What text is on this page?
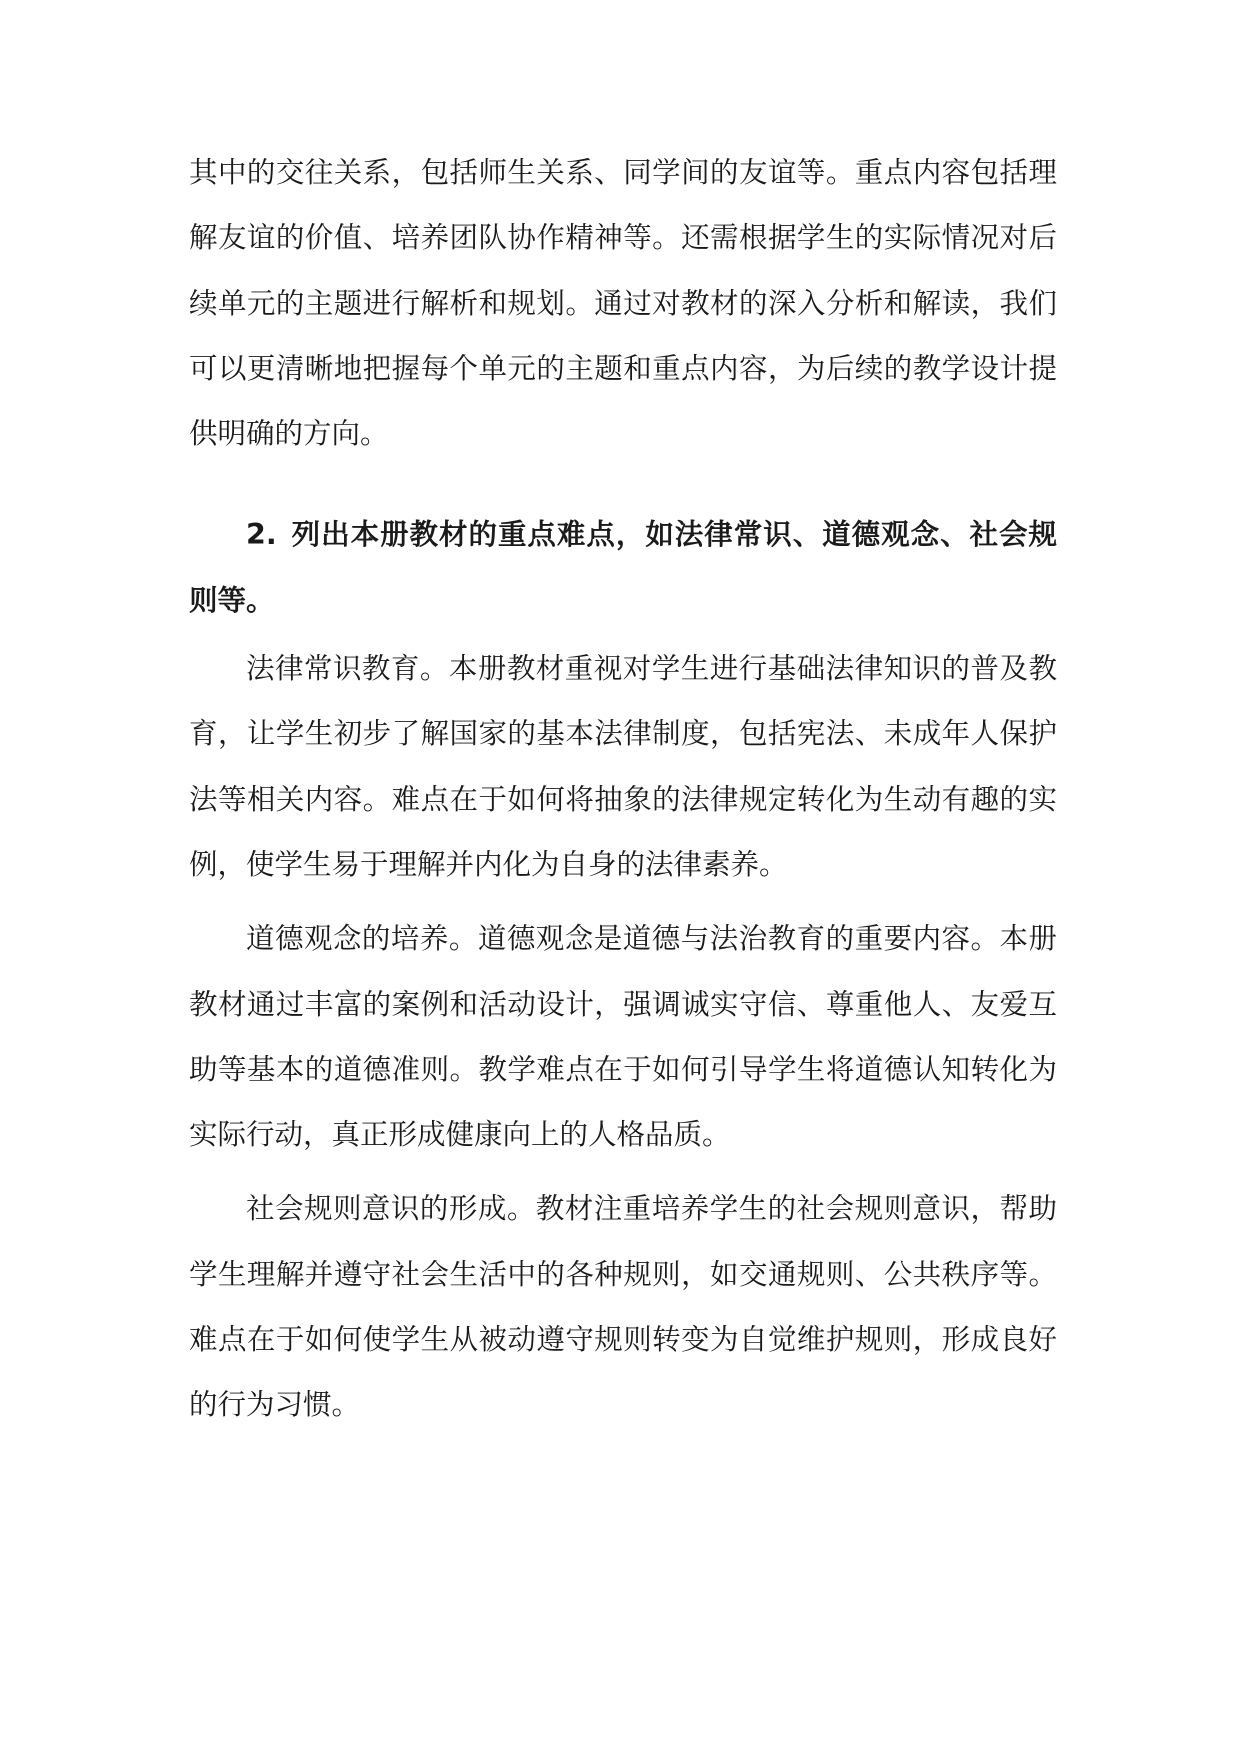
其中的交往关系，包括师生关系、同学间的友谊等。重点内容包括理解友谊的价值、培养团队协作精神等。还需根据学生的实际情况对后续单元的主题进行解析和规划。通过对教材的深入分析和解读，我们可以更清晰地把握每个单元的主题和重点内容，为后续的教学设计提供明确的方向。

2. 列出本册教材的重点难点，如法律常识、道德观念、社会规则等。

法律常识教育。本册教材重视对学生进行基础法律知识的普及教育，让学生初步了解国家的基本法律制度，包括宪法、未成年人保护法等相关内容。难点在于如何将抽象的法律规定转化为生动有趣的实例，使学生易于理解并内化为自身的法律素养。

道德观念的培养。道德观念是道德与法治教育的重要内容。本册教材通过丰富的案例和活动设计，强调诚实守信、尊重他人、友爱互助等基本的道德准则。教学难点在于如何引导学生将道德认知转化为实际行动，真正形成健康向上的人格品质。

社会规则意识的形成。教材注重培养学生的社会规则意识，帮助学生理解并遵守社会生活中的各种规则，如交通规则、公共秩序等。难点在于如何使学生从被动遵守规则转变为自觉维护规则，形成良好的行为习惯。
